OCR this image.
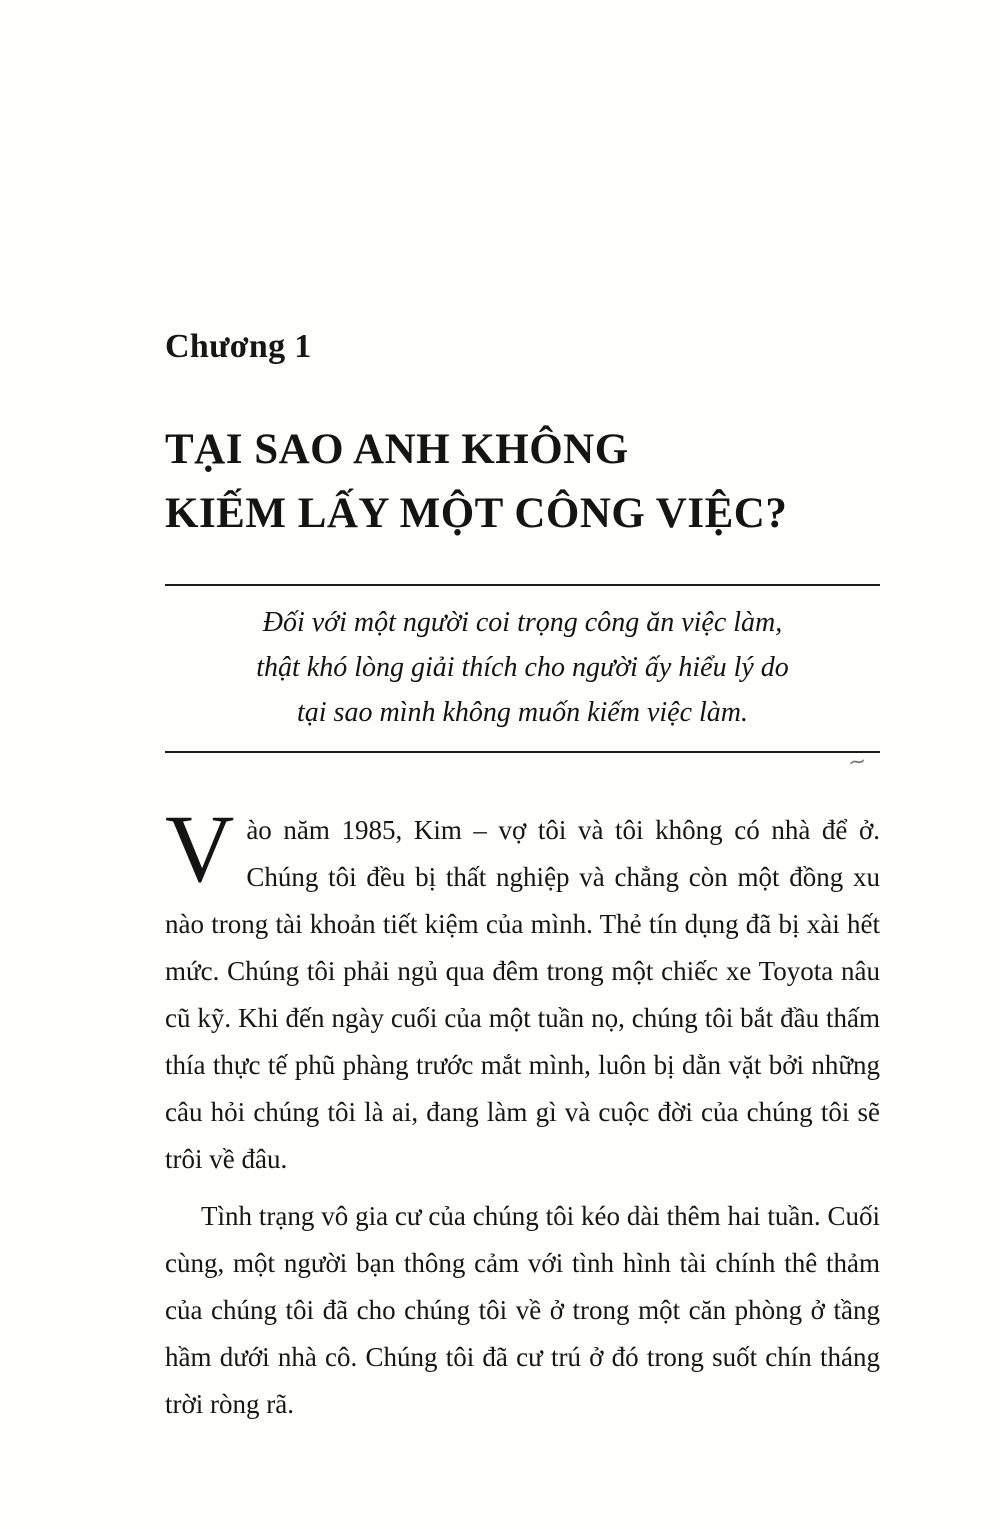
Chương 1

TẠI SAO ANH KHÔNG
KIẾM LẤY MỘT CÔNG VIỆC?
Đối với một người coi trọng công ăn việc làm,
thật khó lòng giải thích cho người ấy hiểu lý do
tại sao mình không muốn kiếm việc làm.
~

Vào năm 1985, Kim – vợ tôi và tôi không có nhà để ở. Chúng tôi đều bị thất nghiệp và chẳng còn một đồng xu nào trong tài khoản tiết kiệm của mình. Thẻ tín dụng đã bị xài hết mức. Chúng tôi phải ngủ qua đêm trong một chiếc xe Toyota nâu cũ kỹ. Khi đến ngày cuối của một tuần nọ, chúng tôi bắt đầu thấm thía thực tế phũ phàng trước mắt mình, luôn bị dằn vặt bởi những câu hỏi chúng tôi là ai, đang làm gì và cuộc đời của chúng tôi sẽ trôi về đâu.

Tình trạng vô gia cư của chúng tôi kéo dài thêm hai tuần. Cuối cùng, một người bạn thông cảm với tình hình tài chính thê thảm của chúng tôi đã cho chúng tôi về ở trong một căn phòng ở tầng hầm dưới nhà cô. Chúng tôi đã cư trú ở đó trong suốt chín tháng trời ròng rã.
